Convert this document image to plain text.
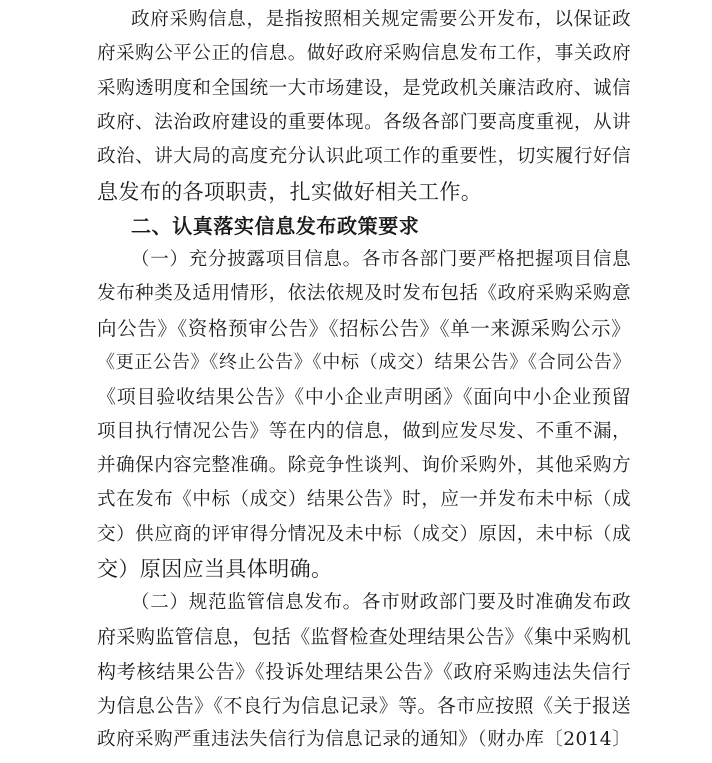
政府采购信息，是指按照相关规定需要公开发布，以保证政
府采购公平公正的信息。做好政府采购信息发布工作，事关政府
采购透明度和全国统一大市场建设，是党政机关廉洁政府、诚信
政府、法治政府建设的重要体现。各级各部门要高度重视，从讲
政治、讲大局的高度充分认识此项工作的重要性，切实履行好信
息发布的各项职责，扎实做好相关工作。
二、认真落实信息发布政策要求
（一）充分披露项目信息。各市各部门要严格把握项目信息
发布种类及适用情形，依法依规及时发布包括《政府采购采购意
向公告》《资格预审公告》《招标公告》《单一来源采购公示》
《更正公告》《终止公告》《中标（成交）结果公告》《合同公告》
《项目验收结果公告》《中小企业声明函》《面向中小企业预留
项目执行情况公告》等在内的信息，做到应发尽发、不重不漏，
并确保内容完整准确。除竞争性谈判、询价采购外，其他采购方
式在发布《中标（成交）结果公告》时，应一并发布未中标（成
交）供应商的评审得分情况及未中标（成交）原因，未中标（成
交）原因应当具体明确。
（二）规范监管信息发布。各市财政部门要及时准确发布政
府采购监管信息，包括《监督检查处理结果公告》《集中采购机
构考核结果公告》《投诉处理结果公告》《政府采购违法失信行
为信息公告》《不良行为信息记录》等。各市应按照《关于报送
政府采购严重违法失信行为信息记录的通知》（财办库〔2014〕
